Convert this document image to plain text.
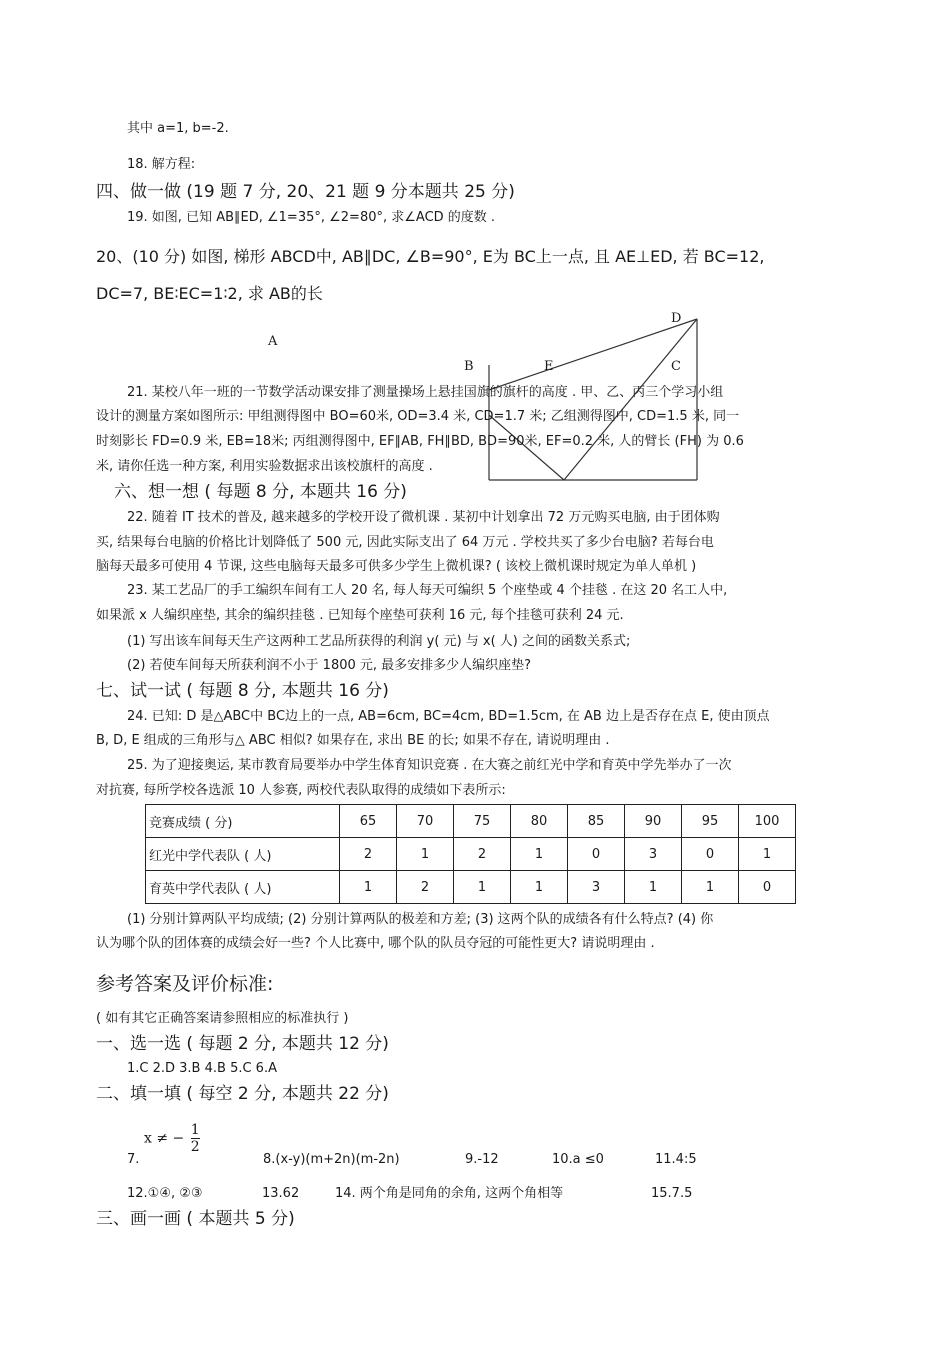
其中 a=1, b=-2.
18. 解方程:
四、做一做 (19 题 7 分, 20、21 题 9 分本题共 25 分)
19. 如图, 已知 AB∥ED, ∠1=35°, ∠2=80°, 求∠ACD 的度数 .
20、(10 分) 如图, 梯形 ABCD中, AB∥DC, ∠B=90°, E为 BC上一点, 且 AE⊥ED, 若 BC=12,
DC=7, BE∶EC=1∶2, 求 AB的长
D
A
B	E	C
21. 某校八年一班的一节数学活动课安排了测量操场上悬挂国旗的旗杆的高度 . 甲、乙、丙三个学习小组
设计的测量方案如图所示: 甲组测得图中 BO=60米, OD=3.4 米, CD=1.7 米; 乙组测得图中, CD=1.5 米, 同一
时刻影长 FD=0.9 米, EB=18米; 丙组测得图中, EF∥AB, FH∥BD, BD=90米, EF=0.2 米, 人的臂长 (FH) 为 0.6
米, 请你任选一种方案, 利用实验数据求出该校旗杆的高度 .
六、想一想 ( 每题 8 分, 本题共 16 分)
22. 随着 IT 技术的普及, 越来越多的学校开设了微机课 . 某初中计划拿出 72 万元购买电脑, 由于团体购
买, 结果每台电脑的价格比计划降低了 500 元, 因此实际支出了 64 万元 . 学校共买了多少台电脑? 若每台电
脑每天最多可使用 4 节课, 这些电脑每天最多可供多少学生上微机课? ( 该校上微机课时规定为单人单机 )
23. 某工艺品厂的手工编织车间有工人 20 名, 每人每天可编织 5 个座垫或 4 个挂毯 . 在这 20 名工人中,
如果派 x 人编织座垫, 其余的编织挂毯 . 已知每个座垫可获利 16 元, 每个挂毯可获利 24 元.
(1) 写出该车间每天生产这两种工艺品所获得的利润 y( 元) 与 x( 人) 之间的函数关系式;
(2) 若使车间每天所获利润不小于 1800 元, 最多安排多少人编织座垫?
七、试一试 ( 每题 8 分, 本题共 16 分)
24. 已知: D 是△ABC中 BC边上的一点, AB=6cm, BC=4cm, BD=1.5cm, 在 AB 边上是否存在点 E, 使由顶点
B, D, E 组成的三角形与△ ABC 相似? 如果存在, 求出 BE 的长; 如果不存在, 请说明理由 .
25. 为了迎接奥运, 某市教育局要举办中学生体育知识竞赛 . 在大赛之前红光中学和育英中学先举办了一次
对抗赛, 每所学校各选派 10 人参赛, 两校代表队取得的成绩如下表所示:
竞赛成绩 ( 分)	65	70	75	80	85	90	95	100
红光中学代表队 ( 人)	2	1	2	1	0	3	0	1
育英中学代表队 ( 人)	1	2	1	1	3	1	1	0
(1) 分别计算两队平均成绩; (2) 分别计算两队的极差和方差; (3) 这两个队的成绩各有什么特点? (4) 你
认为哪个队的团体赛的成绩会好一些? 个人比赛中, 哪个队的队员夺冠的可能性更大? 请说明理由 .
参考答案及评价标准:
( 如有其它正确答案请参照相应的标准执行 )
一、选一选 ( 每题 2 分, 本题共 12 分)
1.C 2.D 3.B 4.B 5.C 6.A
二、填一填 ( 每空 2 分, 本题共 22 分)
x ≠ − $\frac{1}{2}$
7.	8.(x-y)(m+2n)(m-2n)	9.-12	10.a ≤0	11.4:5
12.①④, ②③	13.62	14. 两个角是同角的余角, 这两个角相等	15.7.5
三、画一画 ( 本题共 5 分)
